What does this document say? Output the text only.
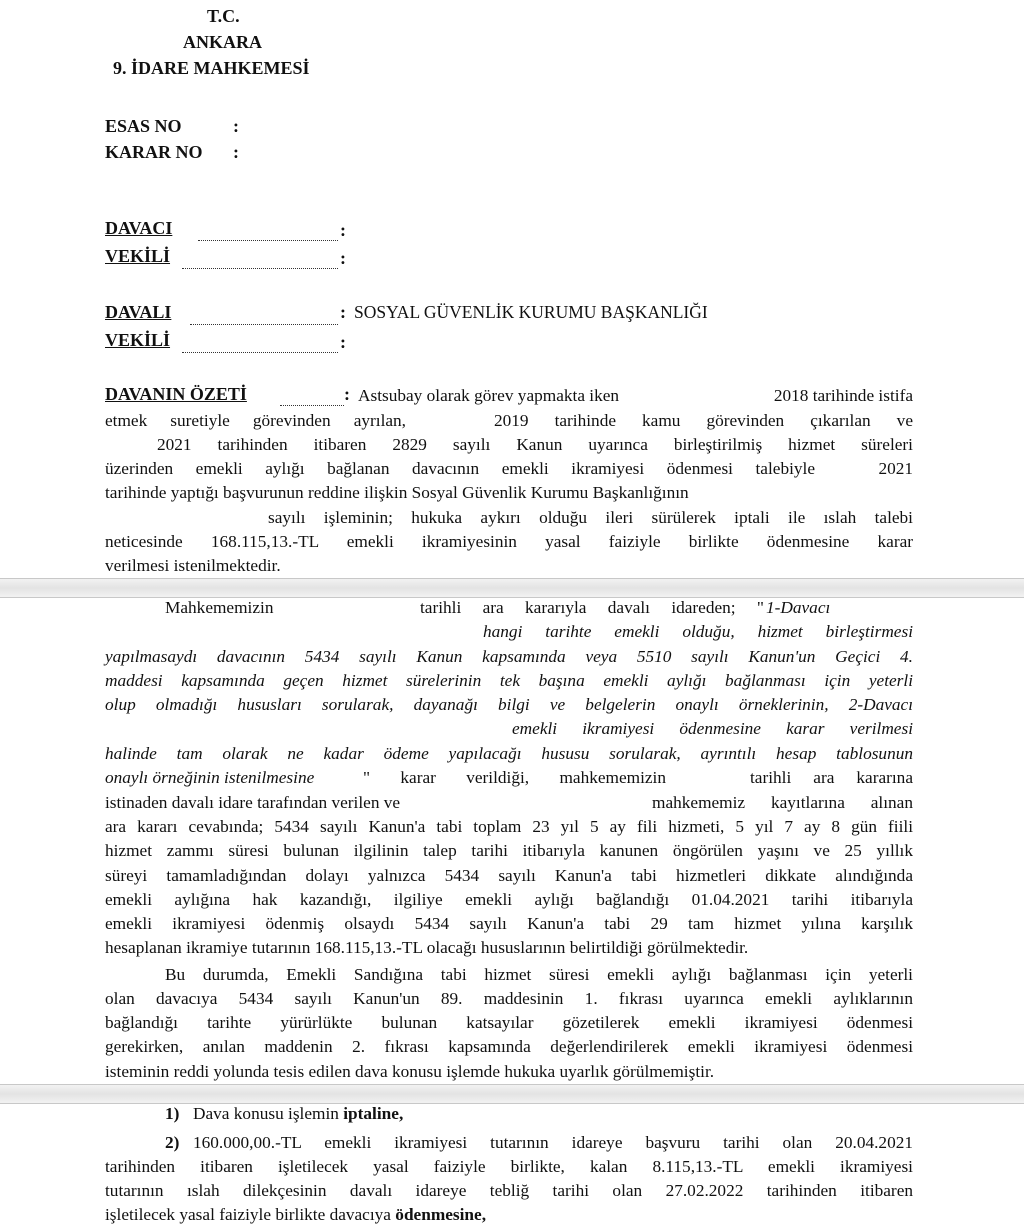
T.C.
ANKARA
9. İDARE MAHKEMESİ
ESAS NO	:
KARAR NO :
DAVACI	:
VEKİLİ	:
DAVALI	: SOSYAL GÜVENLİK KURUMU BAŞKANLIĞI
VEKİLİ	:
DAVANIN ÖZETİ	: Astsubay olarak görev yapmakta iken	2018 tarihinde istifa
etmek suretiyle görevinden ayrılan,	2019 tarihinde kamu görevinden çıkarılan ve
2021 tarihinden itibaren 2829 sayılı Kanun uyarınca birleştirilmiş hizmet süreleri
üzerinden emekli aylığı bağlanan davacının emekli ikramiyesi ödenmesi talebiyle	2021
tarihinde yaptığı başvurunun reddine ilişkin Sosyal Güvenlik Kurumu Başkanlığının
sayılı işleminin; hukuka aykırı olduğu ileri sürülerek iptali ile ıslah talebi
neticesinde 168.115,13.-TL emekli ikramiyesinin yasal faiziyle birlikte ödenmesine karar
verilmesi istenilmektedir.
Mahkememizin	tarihli ara kararıyla davalı idareden; " 1-Davacı
hangi tarihte emekli olduğu, hizmet birleştirmesi
yapılmasaydı davacının 5434 sayılı Kanun kapsamında veya 5510 sayılı Kanun'un Geçici 4.
maddesi kapsamında geçen hizmet sürelerinin tek başına emekli aylığı bağlanması için yeterli
olup olmadığı hususları sorularak, dayanağı bilgi ve belgelerin onaylı örneklerinin, 2-Davacı
emekli ikramiyesi ödenmesine karar verilmesi
halinde tam olarak ne kadar ödeme yapılacağı hususu sorularak, ayrıntılı hesap tablosunun
onaylı örneğinin istenilmesine	" karar verildiği, mahkememizin	tarihli ara kararına
istinaden davalı idare tarafından verilen ve	mahkememiz kayıtlarına alınan
ara kararı cevabında; 5434 sayılı Kanun'a tabi toplam 23 yıl 5 ay fili hizmeti, 5 yıl 7 ay 8 gün fiili
hizmet zammı süresi bulunan ilgilinin talep tarihi itibarıyla kanunen öngörülen yaşını ve 25 yıllık
süreyi tamamladığından dolayı yalnızca 5434 sayılı Kanun'a tabi hizmetleri dikkate alındığında
emekli aylığına hak kazandığı, ilgiliye emekli aylığı bağlandığı 01.04.2021 tarihi itibarıyla
emekli ikramiyesi ödenmiş olsaydı 5434 sayılı Kanun'a tabi 29 tam hizmet yılına karşılık
hesaplanan ikramiye tutarının 168.115,13.-TL olacağı hususlarının belirtildiği görülmektedir.
Bu durumda, Emekli Sandığına tabi hizmet süresi emekli aylığı bağlanması için yeterli
olan davacıya 5434 sayılı Kanun'un 89. maddesinin 1. fıkrası uyarınca emekli aylıklarının
bağlandığı tarihte yürürlükte bulunan katsayılar gözetilerek emekli ikramiyesi ödenmesi
gerekirken, anılan maddenin 2. fıkrası kapsamında değerlendirilerek emekli ikramiyesi ödenmesi
isteminin reddi yolunda tesis edilen dava konusu işlemde hukuka uyarlık görülmemiştir.
1) Dava konusu işlemin iptaline,
2) 160.000,00.-TL emekli ikramiyesi tutarının idareye başvuru tarihi olan 20.04.2021
tarihinden itibaren işletilecek yasal faiziyle birlikte, kalan 8.115,13.-TL emekli ikramiyesi
tutarının ıslah dilekçesinin davalı idareye tebliğ tarihi olan 27.02.2022 tarihinden itibaren
işletilecek yasal faiziyle birlikte davacıya ödenmesine,
